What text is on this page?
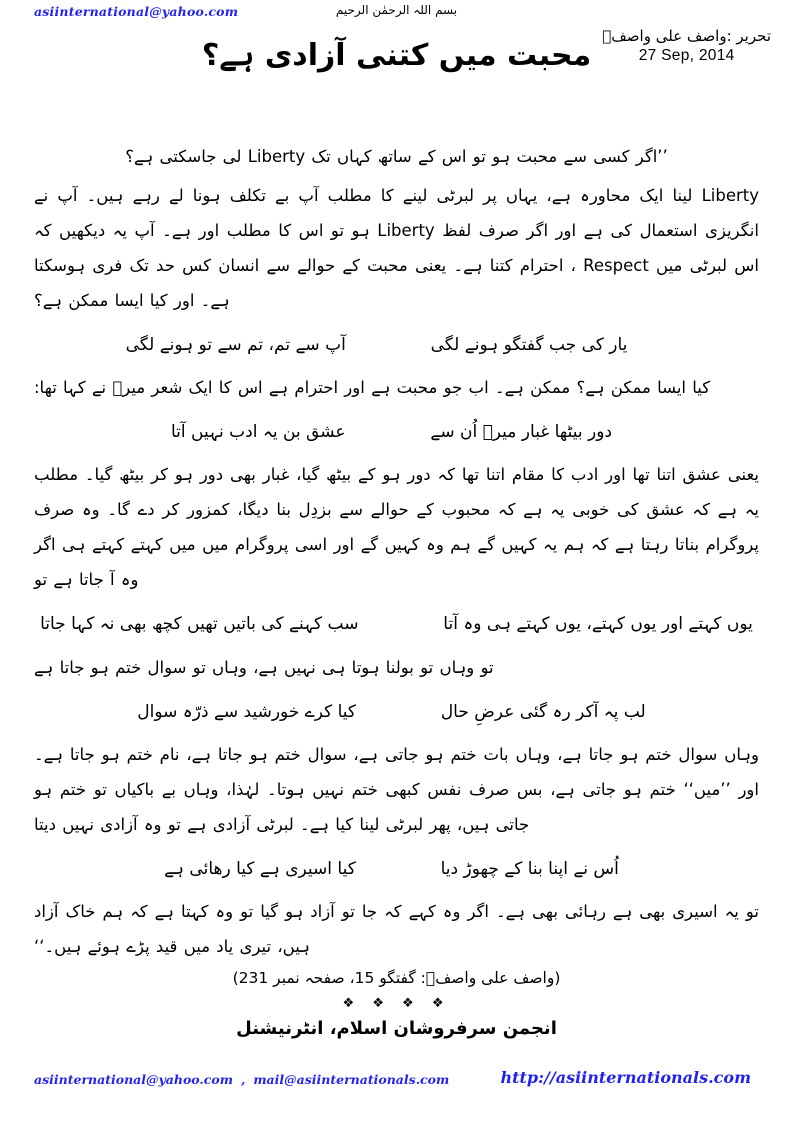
asiinternational@yahoo.com	بسم اللہ الرحمٰن الرحیم
تحریر :واصف علی واصفؒ
27 Sep, 2014
محبت میں کتنی آزادی ہے؟

’’اگر کسی سے محبت ہو تو اس کے ساتھ کہاں تک Liberty لی جاسکتی ہے؟

Liberty لینا ایک محاورہ ہے، یہاں پر لبرٹی لینے کا مطلب آپ بے تکلف ہونا لے رہے ہیں۔ آپ نے انگریزی استعمال کی ہے اور اگر صرف لفظ Liberty ہو تو اس کا مطلب اور ہے۔ آپ یہ دیکھیں کہ اس لبرٹی میں Respect ، احترام کتنا ہے۔ یعنی محبت کے حوالے سے انسان کس حد تک فری ہوسکتا ہے۔ اور کیا ایسا ممکن ہے؟

یار کی جب گفتگو ہونے لگی  آپ سے تم، تم سے تو ہونے لگی

کیا ایسا ممکن ہے؟ ممکن ہے۔ اب جو محبت ہے اور احترام ہے اس کا ایک شعر میرؔ نے کہا تھا:

دور بیٹھا غبار میرؔ اُن سے  عشق بن یہ ادب نہیں آتا

یعنی عشق اتنا تھا اور ادب کا مقام اتنا تھا کہ دور ہو کے بیٹھ گیا، غبار بھی دور ہو کر بیٹھ گیا۔ مطلب یہ ہے کہ عشق کی خوبی یہ ہے کہ محبوب کے حوالے سے بزدِل بنا دیگا، کمزور کر دے گا۔ وہ صرف پروگرام بناتا رہتا ہے کہ ہم یہ کہیں گے ہم وہ کہیں گے اور اسی پروگرام میں میں کہتے کہتے ہی اگر وہ آ جاتا ہے تو

یوں کہتے اور یوں کہتے، یوں کہتے ہی وہ آتا  سب کہنے کی باتیں تھیں کچھ بھی نہ کہا جاتا

تو وہاں تو بولنا ہوتا ہی نہیں ہے، وہاں تو سوال ختم ہو جاتا ہے

لب پہ آکر رہ گئی عرضِ حال  کیا کرے خورشید سے ذرّہ سوال

وہاں سوال ختم ہو جاتا ہے، وہاں بات ختم ہو جاتی ہے، سوال ختم ہو جاتا ہے، نام ختم ہو جاتا ہے۔ اور ’’میں‘‘ ختم ہو جاتی ہے، بس صرف نفس کبھی ختم نہیں ہوتا۔ لہٰذا، وہاں بے باکیاں تو ختم ہو جاتی ہیں، پھر لبرٹی لینا کیا ہے۔ لبرٹی آزادی ہے تو وہ آزادی نہیں دیتا

اُس نے اپنا بنا کے چھوڑ دیا  کیا اسیری ہے کیا رھائی ہے

تو یہ اسیری بھی ہے رہائی بھی ہے۔ اگر وہ کہے کہ جا تو آزاد ہو گیا تو وہ کہتا ہے کہ ہم خاک آزاد ہیں، تیری یاد میں قید پڑے ہوئے ہیں۔‘‘

(واصف علی واصفؒ: گفتگو 15، صفحہ نمبر 231)
❖ ❖ ❖ ❖
انجمن سرفروشان اسلام، انٹرنیشنل
asiinternational@yahoo.com , mail@asiinternationals.com	http://asiinternationals.com
